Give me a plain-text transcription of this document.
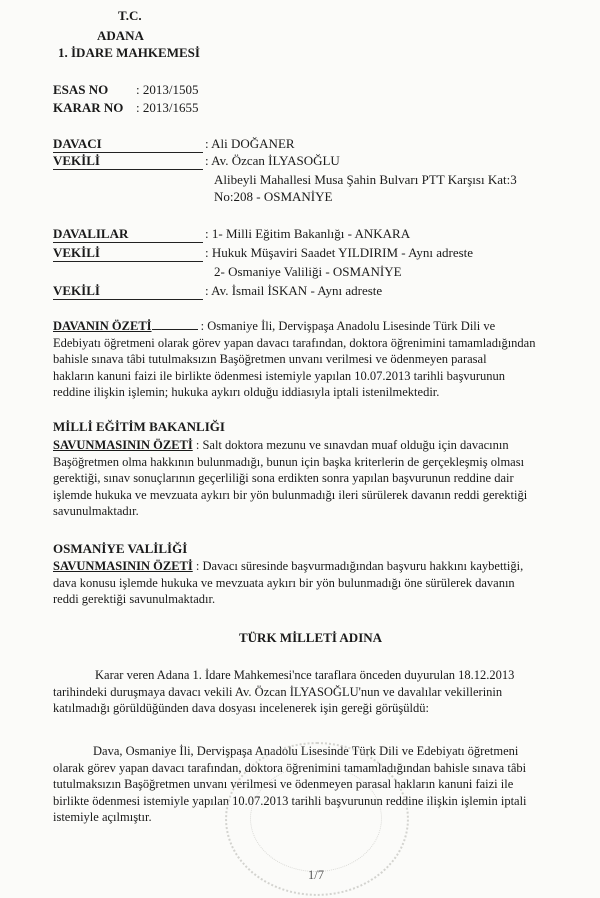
T.C.
ADANA
1. İDARE MAHKEMESİ
ESAS NO : 2013/1505
KARAR NO : 2013/1655
DAVACI	: Ali DOĞANER
VEKİLİ	: Av. Özcan İLYASOĞLU
Alibeyli Mahallesi Musa Şahin Bulvarı PTT Karşısı Kat:3
No:208 - OSMANİYE
DAVALILAR	: 1- Milli Eğitim Bakanlığı - ANKARA
VEKİLİ	: Hukuk Müşaviri Saadet YILDIRIM - Aynı adreste
2- Osmaniye Valiliği - OSMANİYE
VEKİLİ	: Av. İsmail İSKAN - Aynı adreste
DAVANIN ÖZETİ	: Osmaniye İli, Dervişpaşa Anadolu Lisesinde Türk Dili ve
Edebiyatı öğretmeni olarak görev yapan davacı tarafından, doktora öğrenimini tamamladığından
bahisle sınava tâbi tutulmaksızın Başöğretmen unvanı verilmesi ve ödenmeyen parasal
hakların kanuni faizi ile birlikte ödenmesi istemiyle yapılan 10.07.2013 tarihli başvurunun
reddine ilişkin işlemin; hukuka aykırı olduğu iddiasıyla iptali istenilmektedir.
MİLLİ EĞİTİM BAKANLIĞI
SAVUNMASININ ÖZETİ : Salt doktora mezunu ve sınavdan muaf olduğu için davacının
Başöğretmen olma hakkının bulunmadığı, bunun için başka kriterlerin de gerçekleşmiş olması
gerektiği, sınav sonuçlarının geçerliliği sona erdikten sonra yapılan başvurunun reddine dair
işlemde hukuka ve mevzuata aykırı bir yön bulunmadığı ileri sürülerek davanın reddi gerektiği
savunulmaktadır.
OSMANİYE VALİLİĞİ
SAVUNMASININ ÖZETİ : Davacı süresinde başvurmadığından başvuru hakkını kaybettiği,
dava konusu işlemde hukuka ve mevzuata aykırı bir yön bulunmadığı öne sürülerek davanın
reddi gerektiği savunulmaktadır.
TÜRK MİLLETİ ADINA
Karar veren Adana 1. İdare Mahkemesi'nce taraflara önceden duyurulan 18.12.2013
tarihindeki duruşmaya davacı vekili Av. Özcan İLYASOĞLU'nun ve davalılar vekillerinin
katılmadığı görüldüğünden dava dosyası incelenerek işin gereği görüşüldü:
Dava, Osmaniye İli, Dervişpaşa Anadolu Lisesinde Türk Dili ve Edebiyatı öğretmeni
olarak görev yapan davacı tarafından, doktora öğrenimini tamamladığından bahisle sınava tâbi
tutulmaksızın Başöğretmen unvanı verilmesi ve ödenmeyen parasal hakların kanuni faizi ile
birlikte ödenmesi istemiyle yapılan 10.07.2013 tarihli başvurunun reddine ilişkin işlemin iptali
istemiyle açılmıştır.
1/7
